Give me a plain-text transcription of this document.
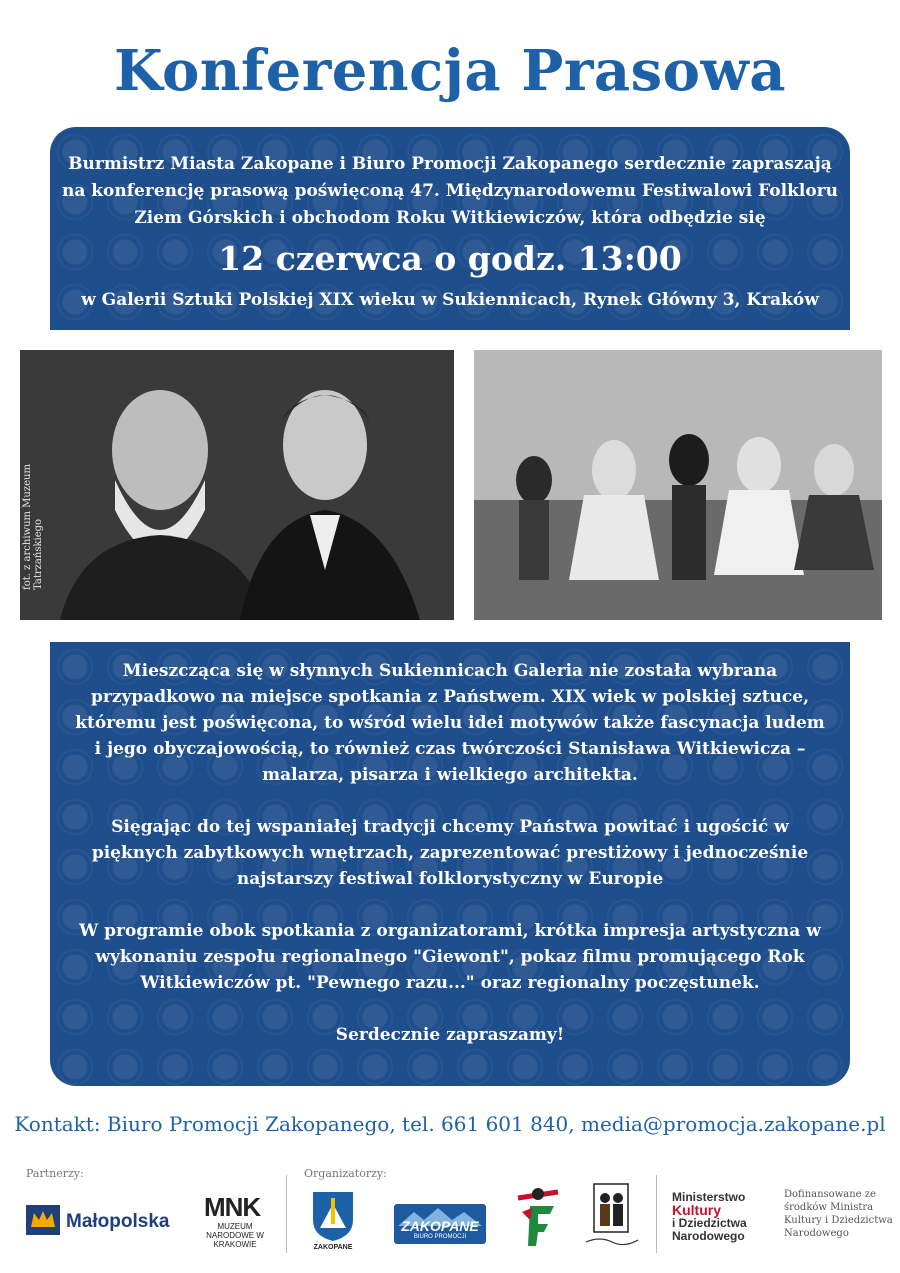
Konferencja Prasowa
Burmistrz Miasta Zakopane i Biuro Promocji Zakopanego serdecznie zapraszają na konferencję prasową poświęconą 47. Międzynarodowemu Festiwalowi Folkloru Ziem Górskich i obchodom Roku Witkiewiczów, która odbędzie się
12 czerwca o godz. 13:00
w Galerii Sztuki Polskiej XIX wieku w Sukiennicach, Rynek Główny 3, Kraków
fot. z archiwum Muzeum Tatrzańskiego

Mieszcząca się w słynnych Sukiennicach Galeria nie została wybrana przypadkowo na miejsce spotkania z Państwem. XIX wiek w polskiej sztuce, któremu jest poświęcona, to wśród wielu idei motywów także fascynacja ludem i jego obyczajowością, to również czas twórczości Stanisława Witkiewicza – malarza, pisarza i wielkiego architekta.

Sięgając do tej wspaniałej tradycji chcemy Państwa powitać i ugościć w pięknych zabytkowych wnętrzach, zaprezentować prestiżowy i jednocześnie najstarszy festiwal folklorystyczny w Europie

W programie obok spotkania z organizatorami, krótka impresja artystyczna w wykonaniu zespołu regionalnego "Giewont", pokaz filmu promującego Rok Witkiewiczów pt. "Pewnego razu..." oraz regionalny poczęstunek.

Serdecznie zapraszamy!

Kontakt: Biuro Promocji Zakopanego, tel. 661 601 840, media@promocja.zakopane.pl
Partnerzy:	Organizatorzy:
Małopolska MNK
MUZEUM NARODOWE W KRAKOWIE	ZAKOPANE
ZAKOPANE
BIURO PROMOCJI
Ministerstwo
Kultury
i Dziedzictwa
Narodowego
Dofinansowane ze środków Ministra Kultury i Dziedzictwa Narodowego
